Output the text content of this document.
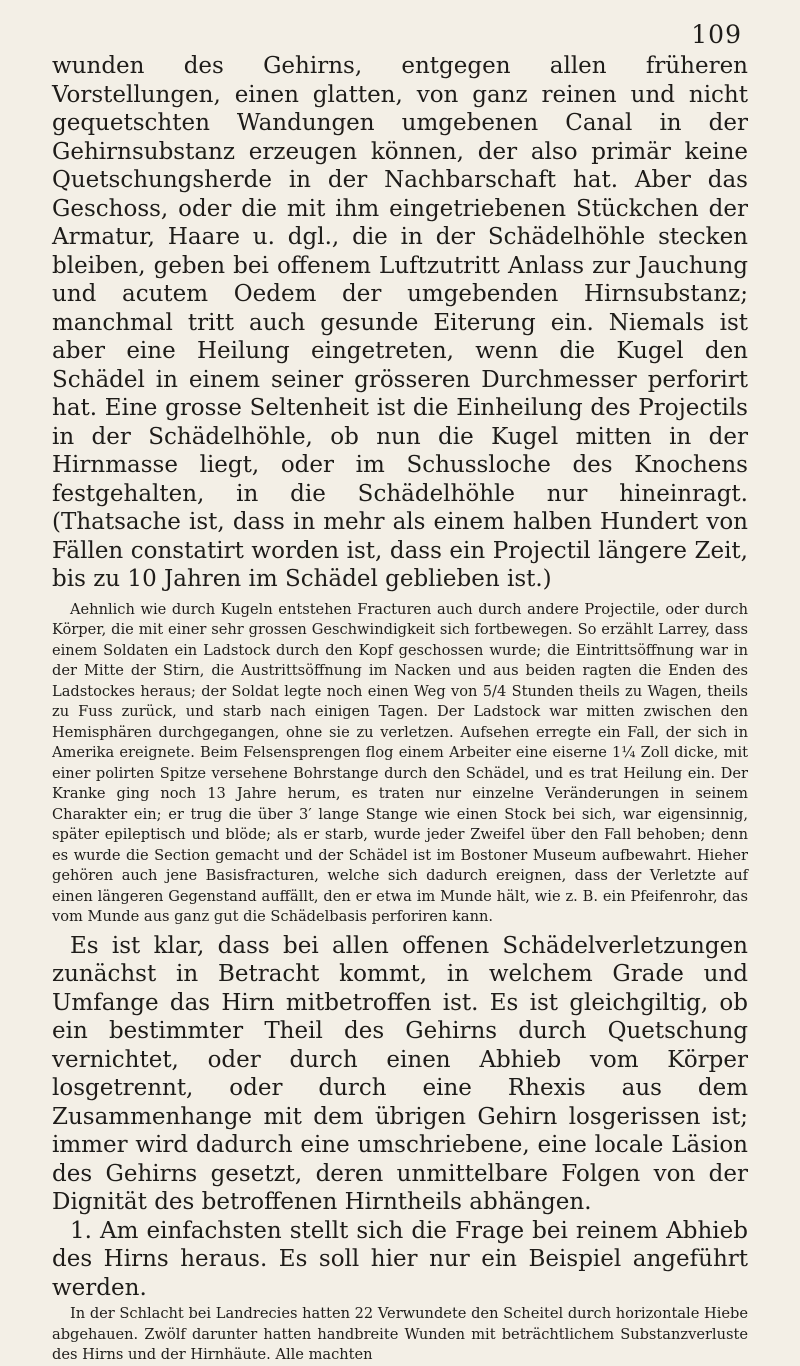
109

wunden des Gehirns, entgegen allen früheren Vorstellungen, einen glatten, von ganz reinen und nicht gequetschten Wandungen umgebenen Canal in der Gehirnsubstanz erzeugen können, der also primär keine Quetschungsherde in der Nachbarschaft hat. Aber das Geschoss, oder die mit ihm eingetriebenen Stückchen der Armatur, Haare u. dgl., die in der Schädelhöhle stecken bleiben, geben bei offenem Luftzutritt Anlass zur Jauchung und acutem Oedem der umgebenden Hirnsubstanz; manchmal tritt auch gesunde Eiterung ein. Niemals ist aber eine Heilung eingetreten, wenn die Kugel den Schädel in einem seiner grösseren Durchmesser perforirt hat. Eine grosse Seltenheit ist die Einheilung des Projectils in der Schädelhöhle, ob nun die Kugel mitten in der Hirnmasse liegt, oder im Schussloche des Knochens festgehalten, in die Schädelhöhle nur hineinragt. (Thatsache ist, dass in mehr als einem halben Hundert von Fällen constatirt worden ist, dass ein Projectil längere Zeit, bis zu 10 Jahren im Schädel geblieben ist.)

Aehnlich wie durch Kugeln entstehen Fracturen auch durch andere Projectile, oder durch Körper, die mit einer sehr grossen Geschwindigkeit sich fortbewegen. So erzählt Larrey, dass einem Soldaten ein Ladstock durch den Kopf geschossen wurde; die Eintrittsöffnung war in der Mitte der Stirn, die Austrittsöffnung im Nacken und aus beiden ragten die Enden des Ladstockes heraus; der Soldat legte noch einen Weg von 5/4 Stunden theils zu Wagen, theils zu Fuss zurück, und starb nach einigen Tagen. Der Ladstock war mitten zwischen den Hemisphären durchgegangen, ohne sie zu verletzen. Aufsehen erregte ein Fall, der sich in Amerika ereignete. Beim Felsensprengen flog einem Arbeiter eine eiserne 1¼ Zoll dicke, mit einer polirten Spitze versehene Bohrstange durch den Schädel, und es trat Heilung ein. Der Kranke ging noch 13 Jahre herum, es traten nur einzelne Veränderungen in seinem Charakter ein; er trug die über 3′ lange Stange wie einen Stock bei sich, war eigensinnig, später epileptisch und blöde; als er starb, wurde jeder Zweifel über den Fall behoben; denn es wurde die Section gemacht und der Schädel ist im Bostoner Museum aufbewahrt. Hieher gehören auch jene Basisfracturen, welche sich dadurch ereignen, dass der Verletzte auf einen längeren Gegenstand auffällt, den er etwa im Munde hält, wie z. B. ein Pfeifenrohr, das vom Munde aus ganz gut die Schädelbasis perforiren kann.

Es ist klar, dass bei allen offenen Schädelverletzungen zunächst in Betracht kommt, in welchem Grade und Umfange das Hirn mitbetroffen ist. Es ist gleichgiltig, ob ein bestimmter Theil des Gehirns durch Quetschung vernichtet, oder durch einen Abhieb vom Körper losgetrennt, oder durch eine Rhexis aus dem Zusammenhange mit dem übrigen Gehirn losgerissen ist; immer wird dadurch eine umschriebene, eine locale Läsion des Gehirns gesetzt, deren unmittelbare Folgen von der Dignität des betroffenen Hirntheils abhängen.

1. Am einfachsten stellt sich die Frage bei reinem Abhieb des Hirns heraus. Es soll hier nur ein Beispiel angeführt werden.

In der Schlacht bei Landrecies hatten 22 Verwundete den Scheitel durch horizontale Hiebe abgehauen. Zwölf darunter hatten handbreite Wunden mit beträchtlichem Substanzverluste des Hirns und der Hirnhäute. Alle machten
